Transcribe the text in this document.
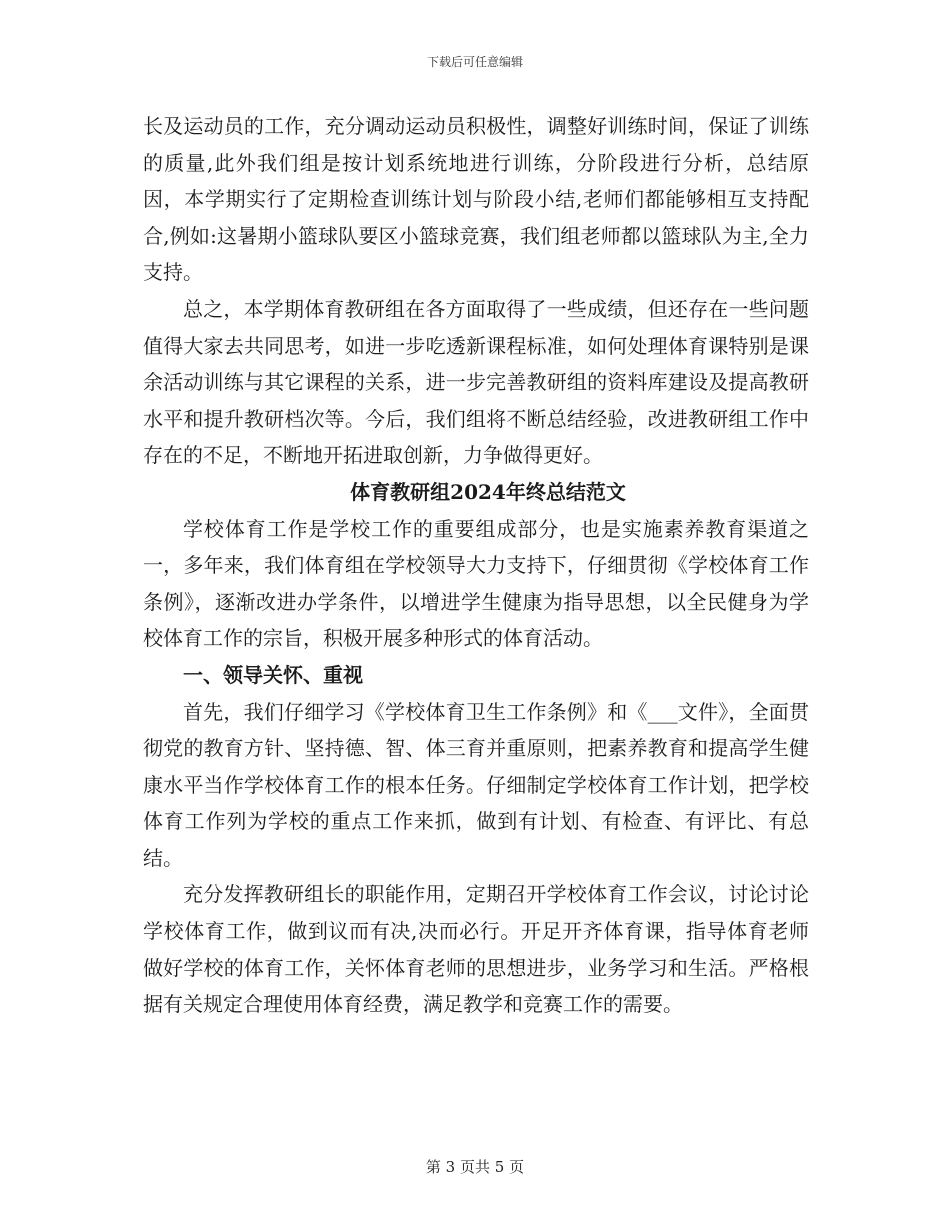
下载后可任意编辑

长及运动员的工作，充分调动运动员积极性，调整好训练时间，保证了训练的质量,此外我们组是按计划系统地进行训练，分阶段进行分析，总结原因，本学期实行了定期检查训练计划与阶段小结,老师们都能够相互支持配合,例如:这暑期小篮球队要区小篮球竞赛，我们组老师都以篮球队为主,全力支持。

总之，本学期体育教研组在各方面取得了一些成绩，但还存在一些问题值得大家去共同思考，如进一步吃透新课程标准，如何处理体育课特别是课余活动训练与其它课程的关系，进一步完善教研组的资料库建设及提高教研水平和提升教研档次等。今后，我们组将不断总结经验，改进教研组工作中存在的不足，不断地开拓进取创新，力争做得更好。

体育教研组2024年终总结范文

学校体育工作是学校工作的重要组成部分，也是实施素养教育渠道之一，多年来，我们体育组在学校领导大力支持下，仔细贯彻《学校体育工作条例》，逐渐改进办学条件，以增进学生健康为指导思想，以全民健身为学校体育工作的宗旨，积极开展多种形式的体育活动。

一、领导关怀、重视

首先，我们仔细学习《学校体育卫生工作条例》和《___文件》，全面贯彻党的教育方针、坚持德、智、体三育并重原则，把素养教育和提高学生健康水平当作学校体育工作的根本任务。仔细制定学校体育工作计划，把学校体育工作列为学校的重点工作来抓，做到有计划、有检查、有评比、有总结。

充分发挥教研组长的职能作用，定期召开学校体育工作会议，讨论讨论学校体育工作，做到议而有决,决而必行。开足开齐体育课，指导体育老师做好学校的体育工作，关怀体育老师的思想进步，业务学习和生活。严格根据有关规定合理使用体育经费，满足教学和竞赛工作的需要。

第 3 页共 5 页
